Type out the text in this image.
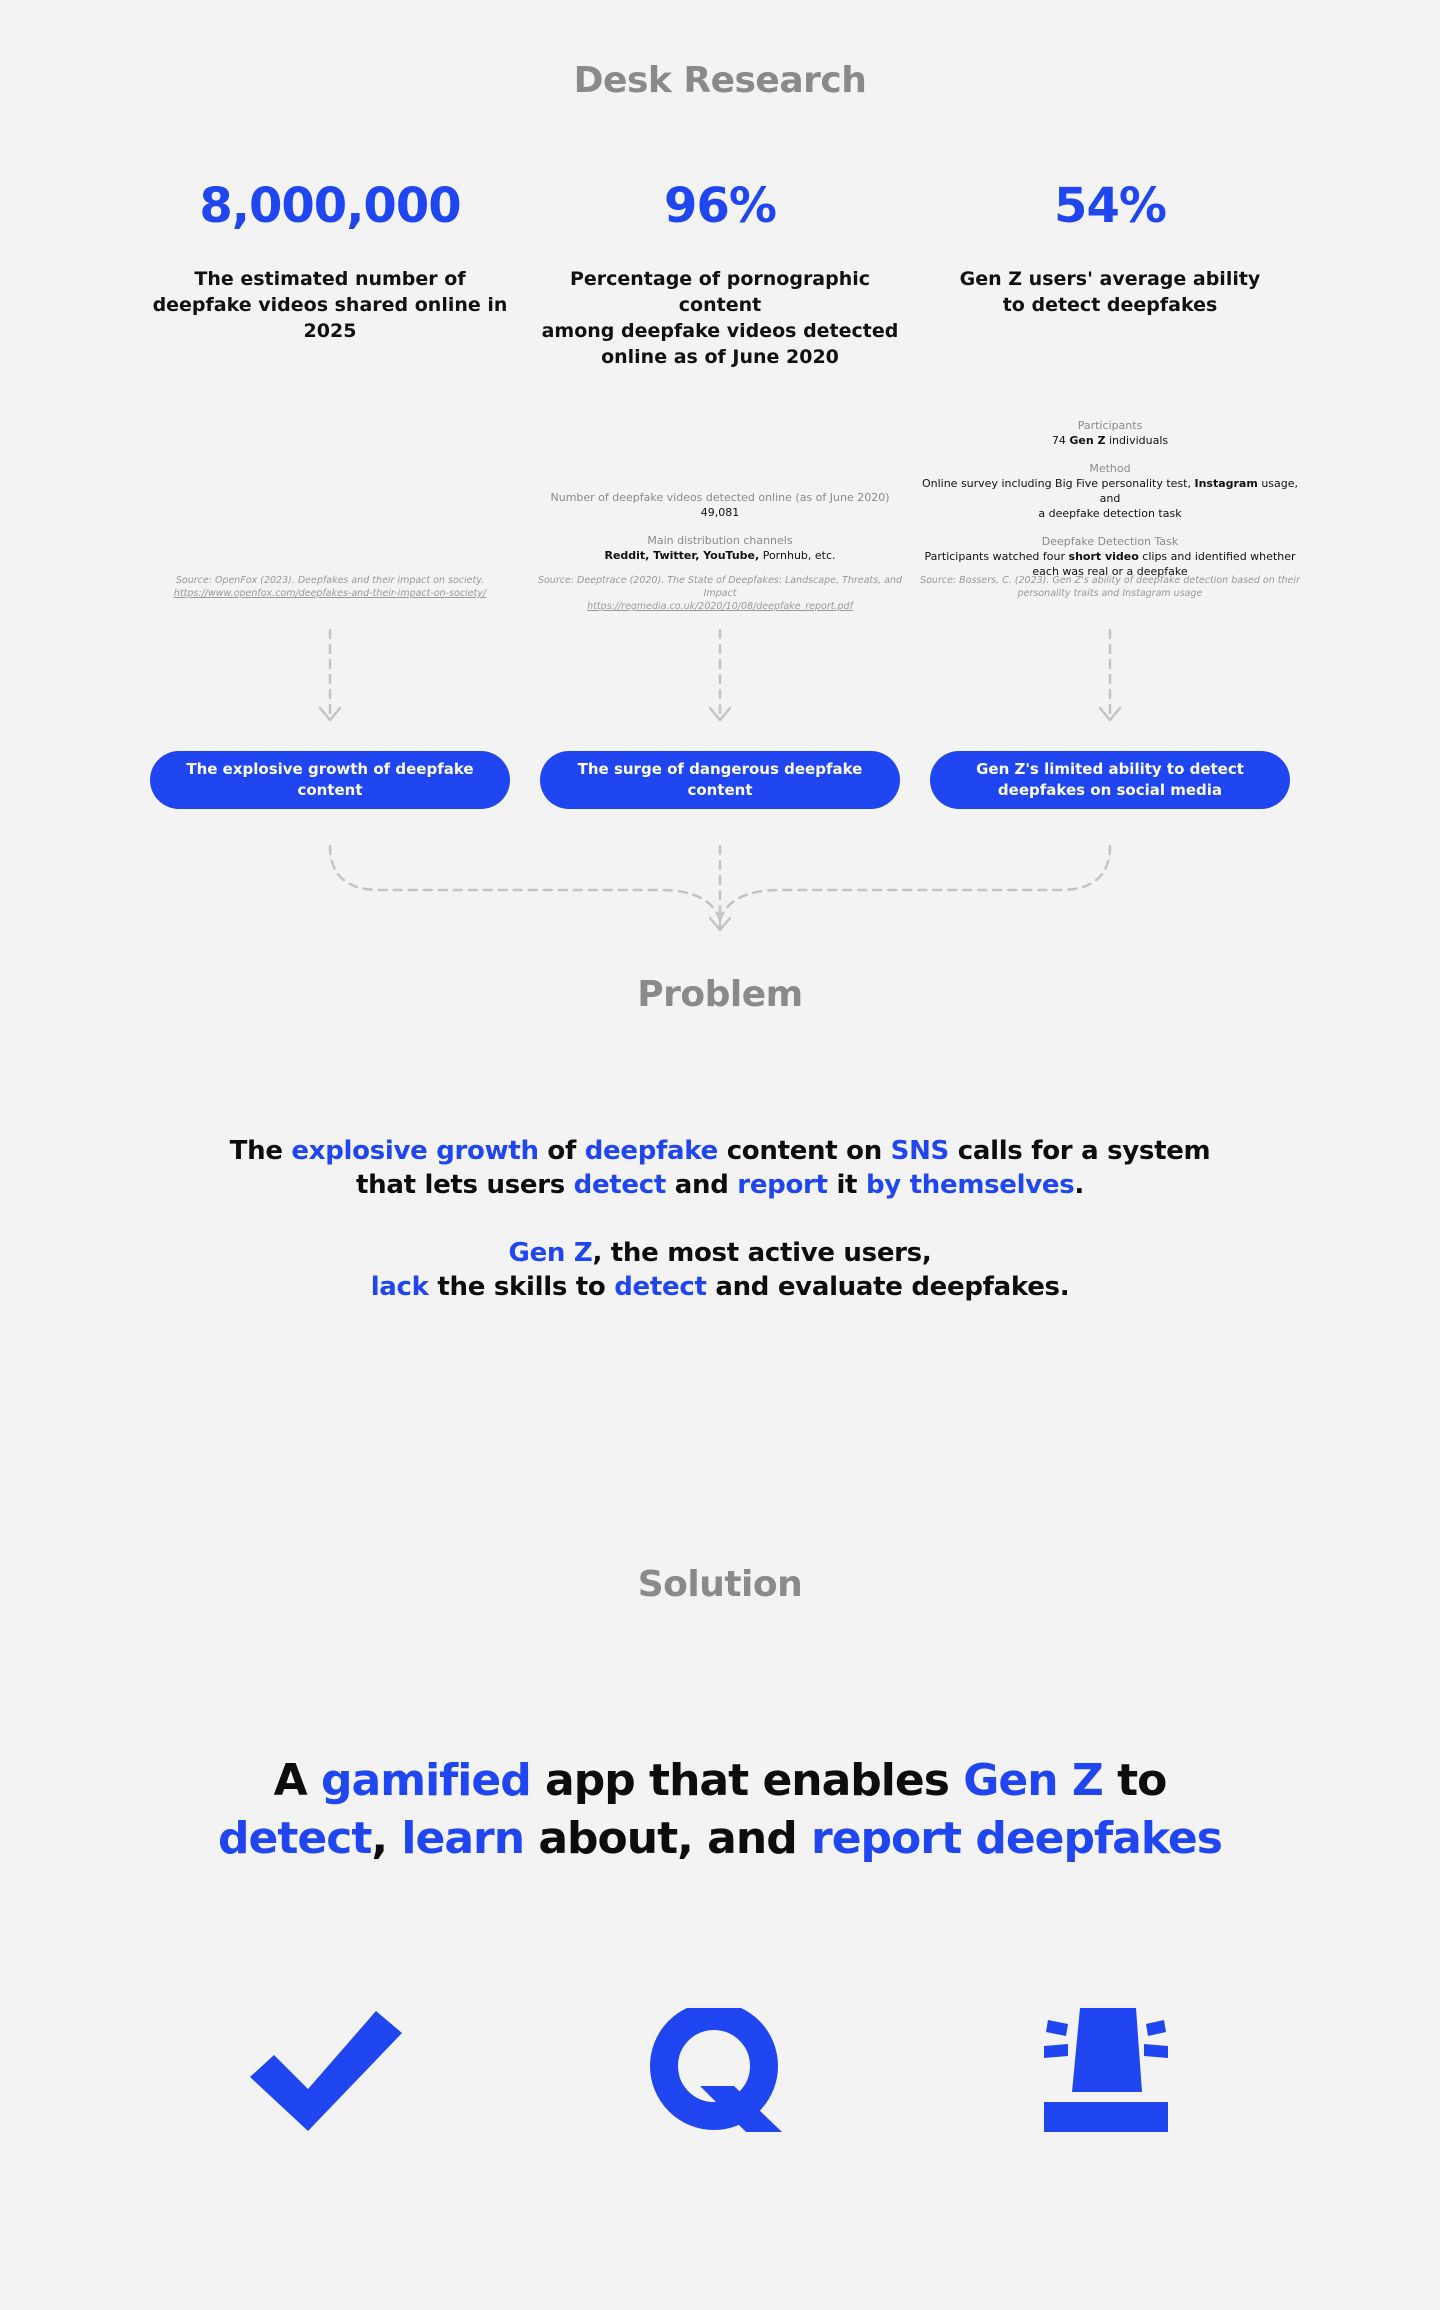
Desk Research
8,000,000
The estimated number of
deepfake videos shared online in 2025
Source: OpenFox (2023). Deepfakes and their impact on society.
https://www.openfox.com/deepfakes-and-their-impact-on-society/
96%
Percentage of pornographic content
among deepfake videos detected
online as of June 2020
Number of deepfake videos detected online (as of June 2020)
49,081
Main distribution channels
Reddit, Twitter, YouTube, Pornhub, etc.
Source: Deeptrace (2020). The State of Deepfakes: Landscape, Threats, and Impact
https://regmedia.co.uk/2020/10/08/deepfake_report.pdf
54%
Gen Z users' average ability
to detect deepfakes
Participants
74 Gen Z individuals
Method
Online survey including Big Five personality test, Instagram usage, and
a deepfake detection task
Deepfake Detection Task
Participants watched four short video clips and identified whether
each was real or a deepfake
Source: Bossers, C. (2023). Gen Z's ability of deepfake detection based on their
personality traits and Instagram usage
The explosive growth of deepfake content
The surge of dangerous deepfake content
Gen Z's limited ability to detect
deepfakes on social media
Problem
The explosive growth of deepfake content on SNS calls for a system
that lets users detect and report it by themselves.
Gen Z, the most active users,
lack the skills to detect and evaluate deepfakes.
Solution
A gamified app that enables Gen Z to
detect, learn about, and report deepfakes
